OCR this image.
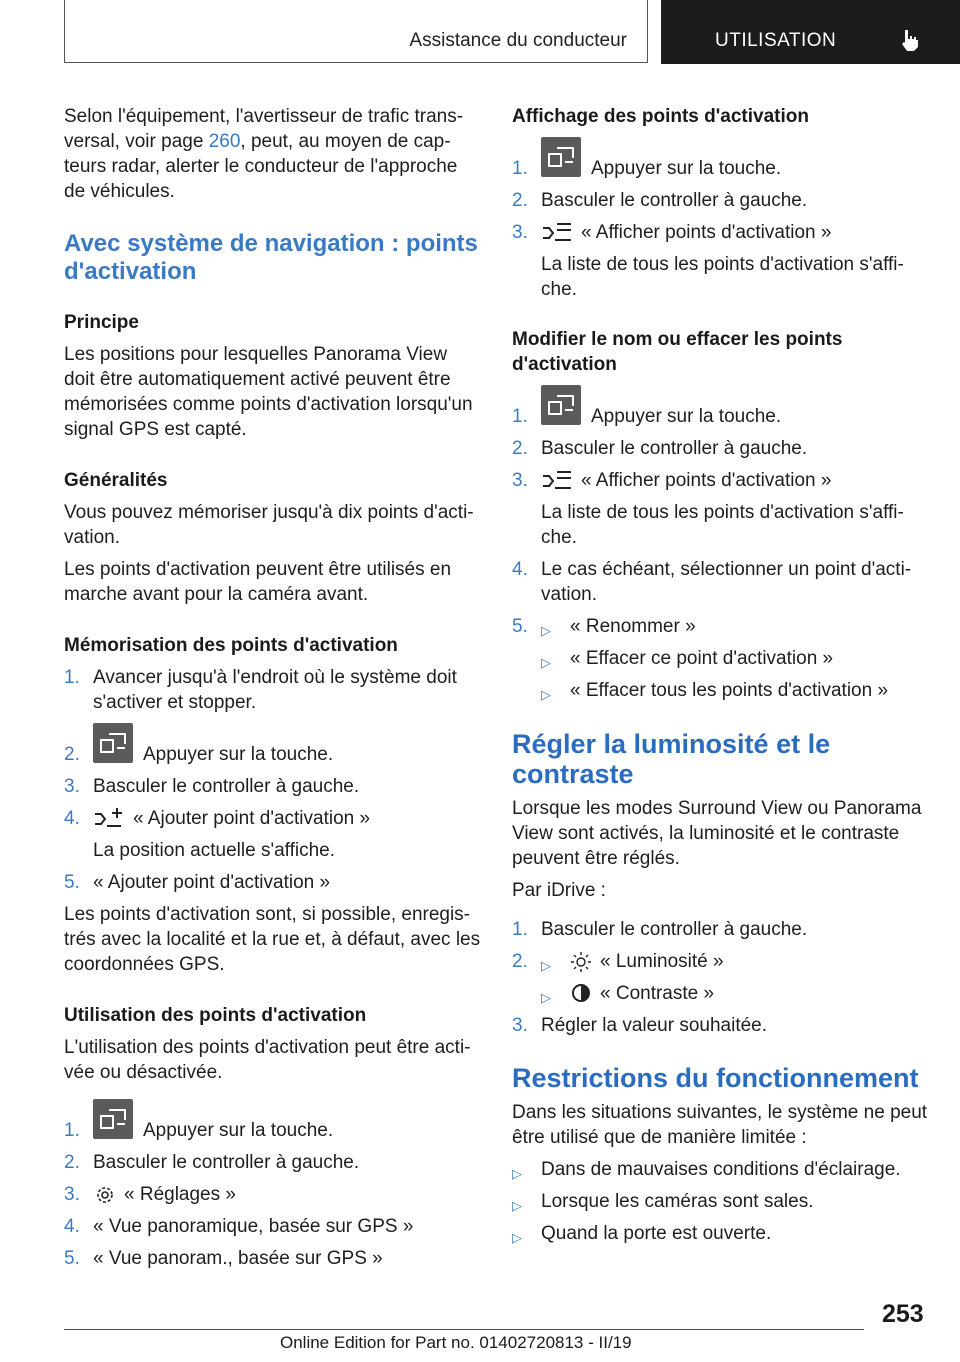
Assistance du conducteur	UTILISATION
Selon l'équipement, l'avertisseur de trafic trans‐
versal, voir page 260, peut, au moyen de cap‐
teurs radar, alerter le conducteur de l'approche
de véhicules.
Avec système de navigation : points
d'activation
Principe
Les positions pour lesquelles Panorama View
doit être automatiquement activé peuvent être
mémorisées comme points d'activation lorsqu'un
signal GPS est capté.
Généralités
Vous pouvez mémoriser jusqu'à dix points d'acti‐
vation.
Les points d'activation peuvent être utilisés en
marche avant pour la caméra avant.
Mémorisation des points d'activation
1. Avancer jusqu'à l'endroit où le système doit
s'activer et stopper.
2.	Appuyer sur la touche.
3. Basculer le controller à gauche.
4.	« Ajouter point d'activation »
La position actuelle s'affiche.
5. « Ajouter point d'activation »
Les points d'activation sont, si possible, enregis‐
trés avec la localité et la rue et, à défaut, avec les
coordonnées GPS.
Utilisation des points d'activation
L'utilisation des points d'activation peut être acti‐
vée ou désactivée.
1.	Appuyer sur la touche.
2. Basculer le controller à gauche.
3. « Réglages »
4. « Vue panoramique, basée sur GPS »
5. « Vue panoram., basée sur GPS »
Affichage des points d'activation
1.	Appuyer sur la touche.
2. Basculer le controller à gauche.
3.	« Afficher points d'activation »
La liste de tous les points d'activation s'affi‐
che.
Modifier le nom ou effacer les points
d'activation
1.	Appuyer sur la touche.
2. Basculer le controller à gauche.
3.	« Afficher points d'activation »
La liste de tous les points d'activation s'affi‐
che.
4. Le cas échéant, sélectionner un point d'acti‐
vation.
5. ▷ « Renommer »
▷ « Effacer ce point d'activation »
▷ « Effacer tous les points d'activation »
Régler la luminosité et le
contraste
Lorsque les modes Surround View ou Panorama
View sont activés, la luminosité et le contraste
peuvent être réglés.
Par iDrive :
1. Basculer le controller à gauche.
2. ▷	« Luminosité »
▷	« Contraste »
3. Régler la valeur souhaitée.
Restrictions du fonctionnement
Dans les situations suivantes, le système ne peut
être utilisé que de manière limitée :
▷ Dans de mauvaises conditions d'éclairage.
▷ Lorsque les caméras sont sales.
▷ Quand la porte est ouverte.
253
Online Edition for Part no. 01402720813 - II/19
